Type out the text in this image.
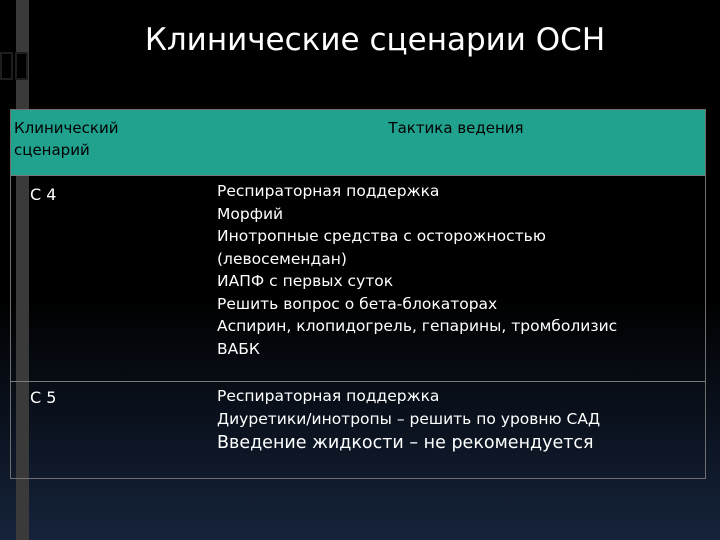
Клинические сценарии ОСН
Клинический сценарий
Тактика ведения
С 4	Респираторная поддержка
Морфий
Инотропные средства с осторожностью
(левосемендан)
ИАПФ с первых суток
Решить вопрос о бета-блокаторах
Аспирин, клопидогрель, гепарины, тромболизис
ВАБК
С 5	Респираторная поддержка
Диуретики/инотропы – решить по уровню САД
Введение жидкости – не рекомендуется
